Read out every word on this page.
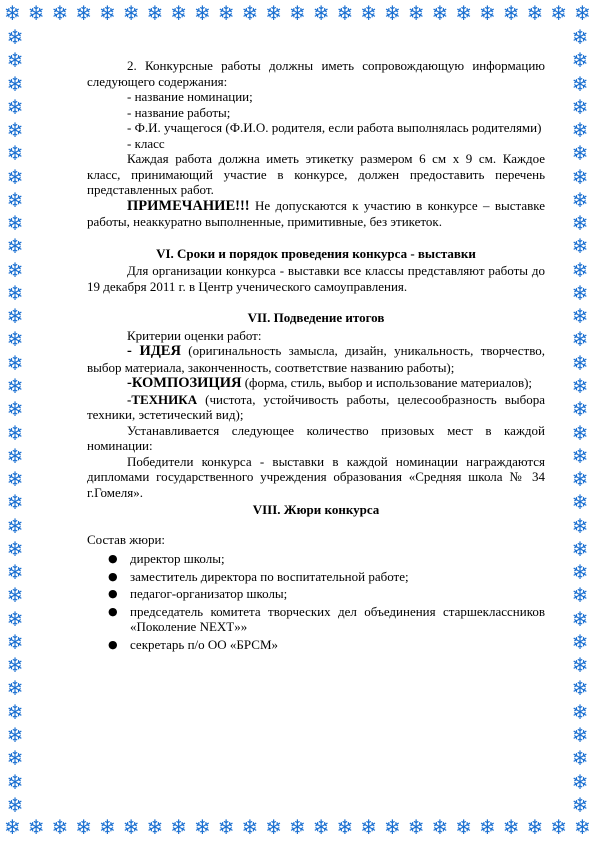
❄ ❄ ❄ ❄ ❄ ❄ ❄ ❄ ❄ ❄ ❄ ❄ ❄ ❄ ❄ ❄ ❄ ❄ ❄ ❄ ❄ ❄ ❄ ❄ ❄
❄ ❄ ❄ ❄ ❄ ❄ ❄ ❄ ❄ ❄ ❄ ❄ ❄ ❄ ❄ ❄ ❄ ❄ ❄ ❄ ❄ ❄ ❄ ❄ ❄
❄
❄
❄
❄
❄
❄
❄
❄
❄
❄
❄
❄
❄
❄
❄
❄
❄
❄
❄
❄
❄
❄
❄
❄
❄
❄
❄
❄
❄
❄
❄
❄
❄
❄
❄
❄
❄
❄
❄
❄
❄
❄
❄
❄
❄
❄
❄
❄
❄
❄
❄
❄
❄
❄
❄
❄
❄
❄
❄
❄
❄
❄
❄
❄
❄
❄
❄
❄

2. Конкурсные работы должны иметь сопровождающую информацию следующего содержания:

- название номинации;

- название работы;

- Ф.И. учащегося (Ф.И.О. родителя, если работа выполнялась родителями)

- класс

Каждая работа должна иметь этикетку размером 6 см х 9 см. Каждое класс, принимающий участие в конкурсе, должен предоставить перечень представленных работ.

ПРИМЕЧАНИЕ!!! Не допускаются к участию в конкурсе – выставке работы, неаккуратно выполненные, примитивные, без этикеток.

VI. Сроки и порядок проведения конкурса - выставки

Для организации конкурса - выставки все классы представляют работы до 19 декабря 2011 г. в Центр ученического самоуправления.

VII. Подведение итогов

Критерии оценки работ:

- ИДЕЯ (оригинальность замысла, дизайн, уникальность, творчество, выбор материала, законченность, соответствие названию работы);

-КОМПОЗИЦИЯ (форма, стиль, выбор и использование материалов);

-ТЕХНИКА (чистота, устойчивость работы, целесообразность выбора техники, эстетический вид);

Устанавливается следующее количество призовых мест в каждой номинации:

Победители конкурса - выставки в каждой номинации награждаются дипломами государственного учреждения образования «Средняя школа № 34 г.Гомеля».

VIII. Жюри конкурса

Состав жюри:

● директор школы;
● заместитель директора по воспитательной работе;
● педагог-организатор школы;
● председатель комитета творческих дел объединения старшеклассников «Поколение NEXT»»
● секретарь п/о ОО «БРСМ»
